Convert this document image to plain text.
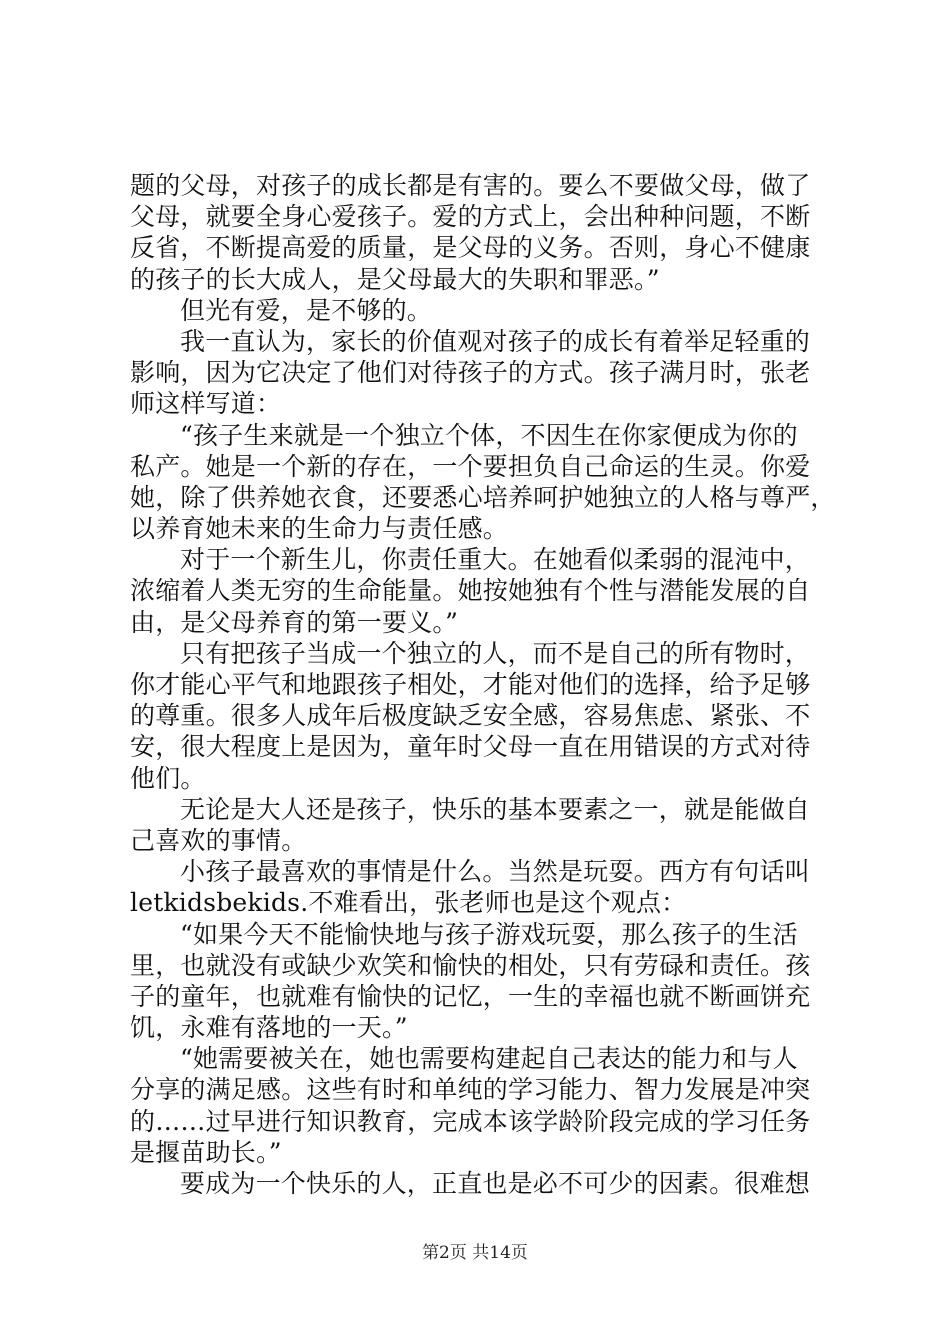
题的父母，对孩子的成长都是有害的。要么不要做父母，做了
父母，就要全身心爱孩子。爱的方式上，会出种种问题，不断
反省，不断提高爱的质量，是父母的义务。否则，身心不健康
的孩子的长大成人，是父母最大的失职和罪恶。”
但光有爱，是不够的。
我一直认为，家长的价值观对孩子的成长有着举足轻重的
影响，因为它决定了他们对待孩子的方式。孩子满月时，张老
师这样写道：
“孩子生来就是一个独立个体，不因生在你家便成为你的
私产。她是一个新的存在，一个要担负自己命运的生灵。你爱
她，除了供养她衣食，还要悉心培养呵护她独立的人格与尊严，
以养育她未来的生命力与责任感。
对于一个新生儿，你责任重大。在她看似柔弱的混沌中，
浓缩着人类无穷的生命能量。她按她独有个性与潜能发展的自
由，是父母养育的第一要义。”
只有把孩子当成一个独立的人，而不是自己的所有物时，
你才能心平气和地跟孩子相处，才能对他们的选择，给予足够
的尊重。很多人成年后极度缺乏安全感，容易焦虑、紧张、不
安，很大程度上是因为，童年时父母一直在用错误的方式对待
他们。
无论是大人还是孩子，快乐的基本要素之一，就是能做自
己喜欢的事情。
小孩子最喜欢的事情是什么。当然是玩耍。西方有句话叫
letkidsbekids.不难看出，张老师也是这个观点：
“如果今天不能愉快地与孩子游戏玩耍，那么孩子的生活
里，也就没有或缺少欢笑和愉快的相处，只有劳碌和责任。孩
子的童年，也就难有愉快的记忆，一生的幸福也就不断画饼充
饥，永难有落地的一天。”
“她需要被关在，她也需要构建起自己表达的能力和与人
分享的满足感。这些有时和单纯的学习能力、智力发展是冲突
的……过早进行知识教育，完成本该学龄阶段完成的学习任务
是揠苗助长。”
要成为一个快乐的人，正直也是必不可少的因素。很难想
第2页 共14页
